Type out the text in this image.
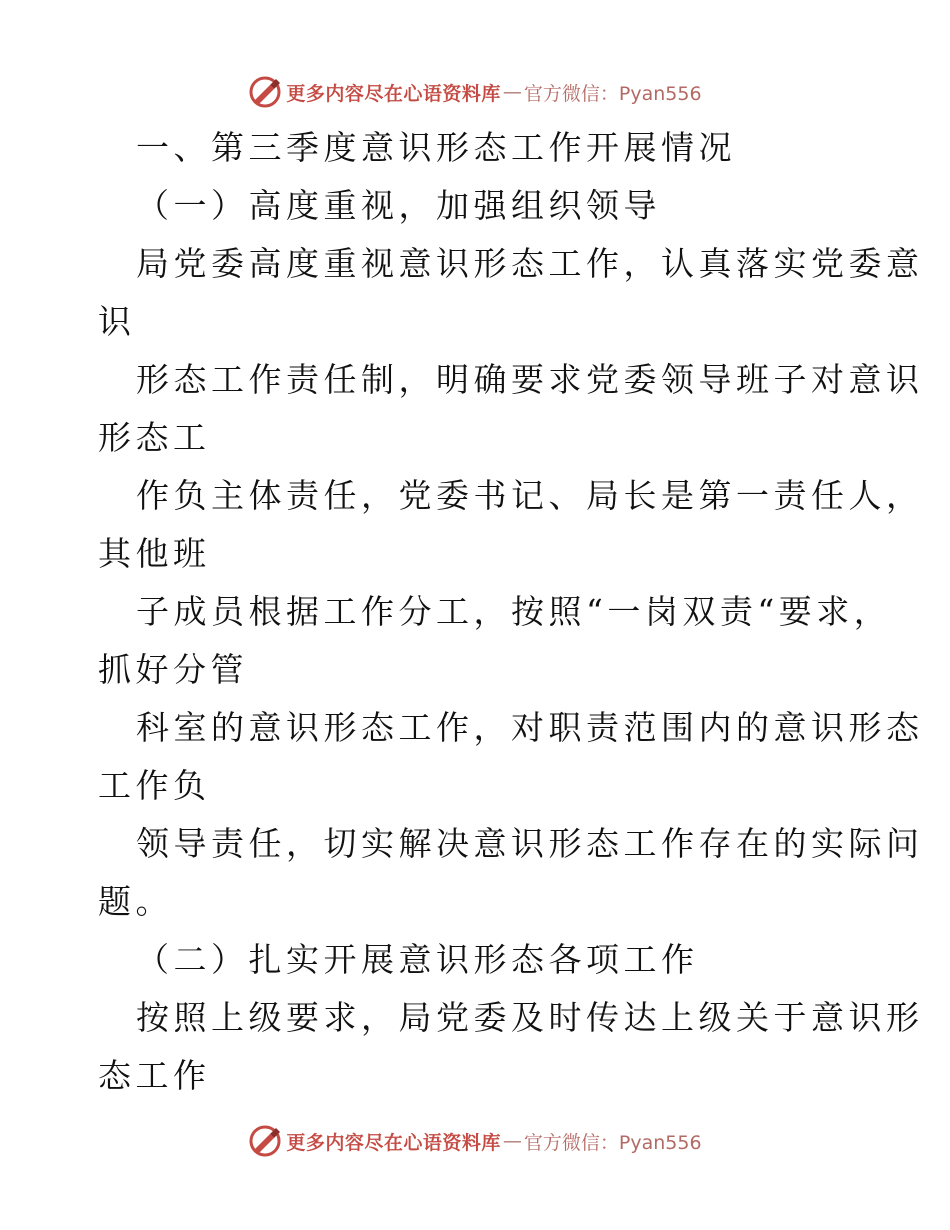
更多内容尽在心语资料库 — 官方微信：Pyan556
一、第三季度意识形态工作开展情况
（一）高度重视，加强组织领导
局党委高度重视意识形态工作，认真落实党委意
识
形态工作责任制，明确要求党委领导班子对意识
形态工
作负主体责任，党委书记、局长是第一责任人，
其他班
子成员根据工作分工，按照“一岗双责“要求，
抓好分管
科室的意识形态工作，对职责范围内的意识形态
工作负
领导责任，切实解决意识形态工作存在的实际问
题。
（二）扎实开展意识形态各项工作
按照上级要求，局党委及时传达上级关于意识形
态工作
更多内容尽在心语资料库 — 官方微信：Pyan556
